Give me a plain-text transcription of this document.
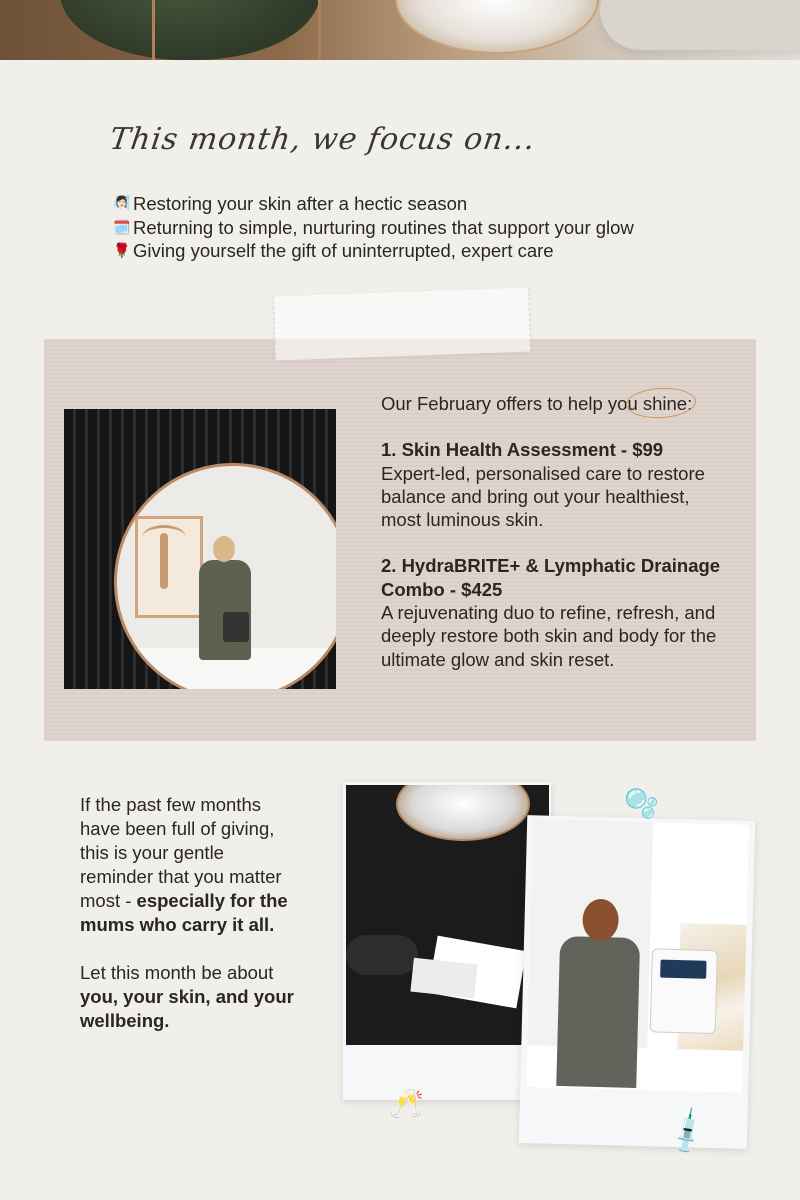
This month, we focus on...
🧖🏻‍♀️ Restoring your skin after a hectic season
🗓️ Returning to simple, nurturing routines that support your glow
🌹 Giving yourself the gift of uninterrupted, expert care

Our February offers to help you shine:

1. Skin Health Assessment - $99

Expert-led, personalised care to restore balance and bring out your healthiest, most luminous skin.

2. HydraBRITE+ & Lymphatic Drainage Combo - $425

A rejuvenating duo to refine, refresh, and deeply restore both skin and body for the ultimate glow and skin reset.

If the past few months have been full of giving, this is your gentle reminder that you matter most - especially for the mums who carry it all.

Let this month be about you, your skin, and your wellbeing.

🫧
🥂
💉
